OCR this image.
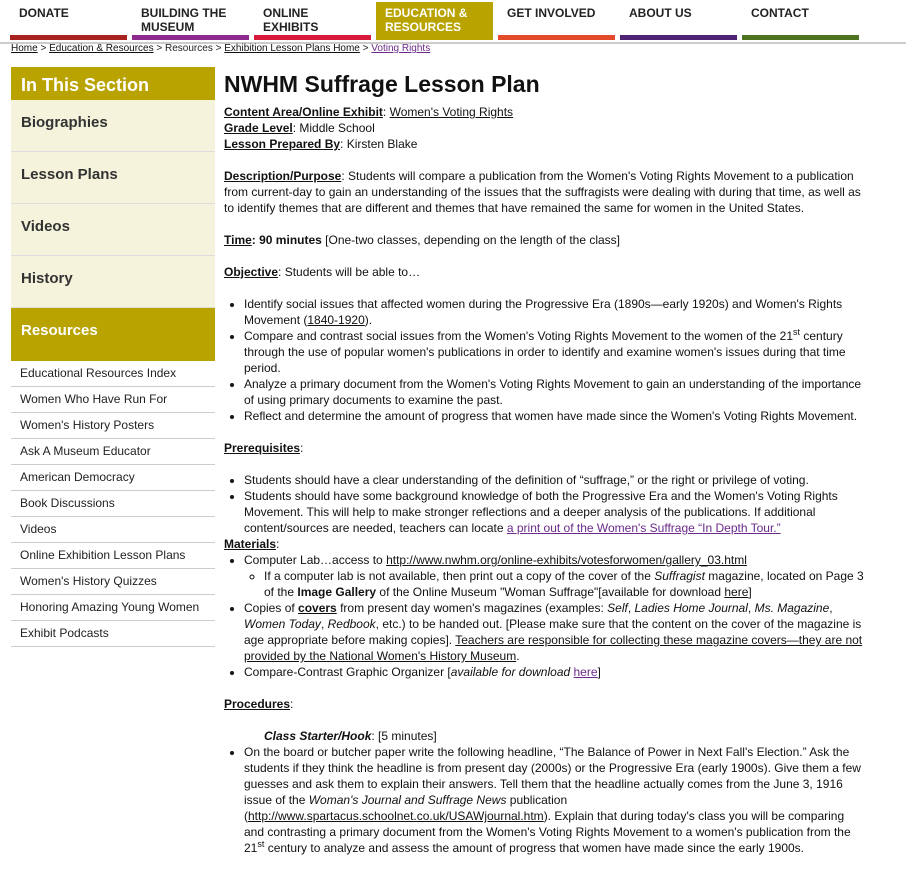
DONATE	BUILDING THE MUSEUM
ONLINE EXHIBITS
EDUCATION & RESOURCES
GET INVOLVED	ABOUT US	CONTACT
Home > Education & Resources > Resources > Exhibition Lesson Plans Home > Voting Rights
In This Section
Biographies
Lesson Plans
Videos
History
Resources
Educational Resources Index
Women Who Have Run For
Women's History Posters
Ask A Museum Educator
American Democracy
Book Discussions
Videos
Online Exhibition Lesson Plans
Women's History Quizzes
Honoring Amazing Young Women
Exhibit Podcasts
NWHM Suffrage Lesson Plan

Content Area/Online Exhibit: Women's Voting Rights

Grade Level: Middle School

Lesson Prepared By: Kirsten Blake

Description/Purpose: Students will compare a publication from the Women's Voting Rights Movement to a publication from current-day to gain an understanding of the issues that the suffragists were dealing with during that time, as well as to identify themes that are different and themes that have remained the same for women in the United States.

Time: 90 minutes [One-two classes, depending on the length of the class]

Objective: Students will be able to…

• Identify social issues that affected women during the Progressive Era (1890s—early 1920s) and Women's Rights Movement (1840-1920).
• Compare and contrast social issues from the Women's Voting Rights Movement to the women of the 21st century through the use of popular women's publications in order to identify and examine women's issues during that time period.
• Analyze a primary document from the Women's Voting Rights Movement to gain an understanding of the importance of using primary documents to examine the past.
• Reflect and determine the amount of progress that women have made since the Women's Voting Rights Movement.

Prerequisites:

• Students should have a clear understanding of the definition of “suffrage,” or the right or privilege of voting.
• Students should have some background knowledge of both the Progressive Era and the Women's Voting Rights Movement. This will help to make stronger reflections and a deeper analysis of the publications. If additional content/sources are needed, teachers can locate a print out of the Women's Suffrage “In Depth Tour.”

Materials:

• Computer Lab…access to http://www.nwhm.org/online-exhibits/votesforwomen/gallery_03.html
◦ If a computer lab is not available, then print out a copy of the cover of the Suffragist magazine, located on Page 3 of the Image Gallery of the Online Museum "Woman Suffrage"[available for download here]
• Copies of covers from present day women's magazines (examples: Self, Ladies Home Journal, Ms. Magazine, Women Today, Redbook, etc.) to be handed out. [Please make sure that the content on the cover of the magazine is age appropriate before making copies]. Teachers are responsible for collecting these magazine covers—they are not provided by the National Women's History Museum.
• Compare-Contrast Graphic Organizer [available for download here]

Procedures:

Class Starter/Hook: [5 minutes]

• On the board or butcher paper write the following headline, “The Balance of Power in Next Fall's Election.” Ask the students if they think the headline is from present day (2000s) or the Progressive Era (early 1900s). Give them a few guesses and ask them to explain their answers. Tell them that the headline actually comes from the June 3, 1916 issue of the Woman's Journal and Suffrage News publication (http://www.spartacus.schoolnet.co.uk/USAWjournal.htm). Explain that during today's class you will be comparing and contrasting a primary document from the Women's Voting Rights Movement to a women's publication from the 21st century to analyze and assess the amount of progress that women have made since the early 1900s.
